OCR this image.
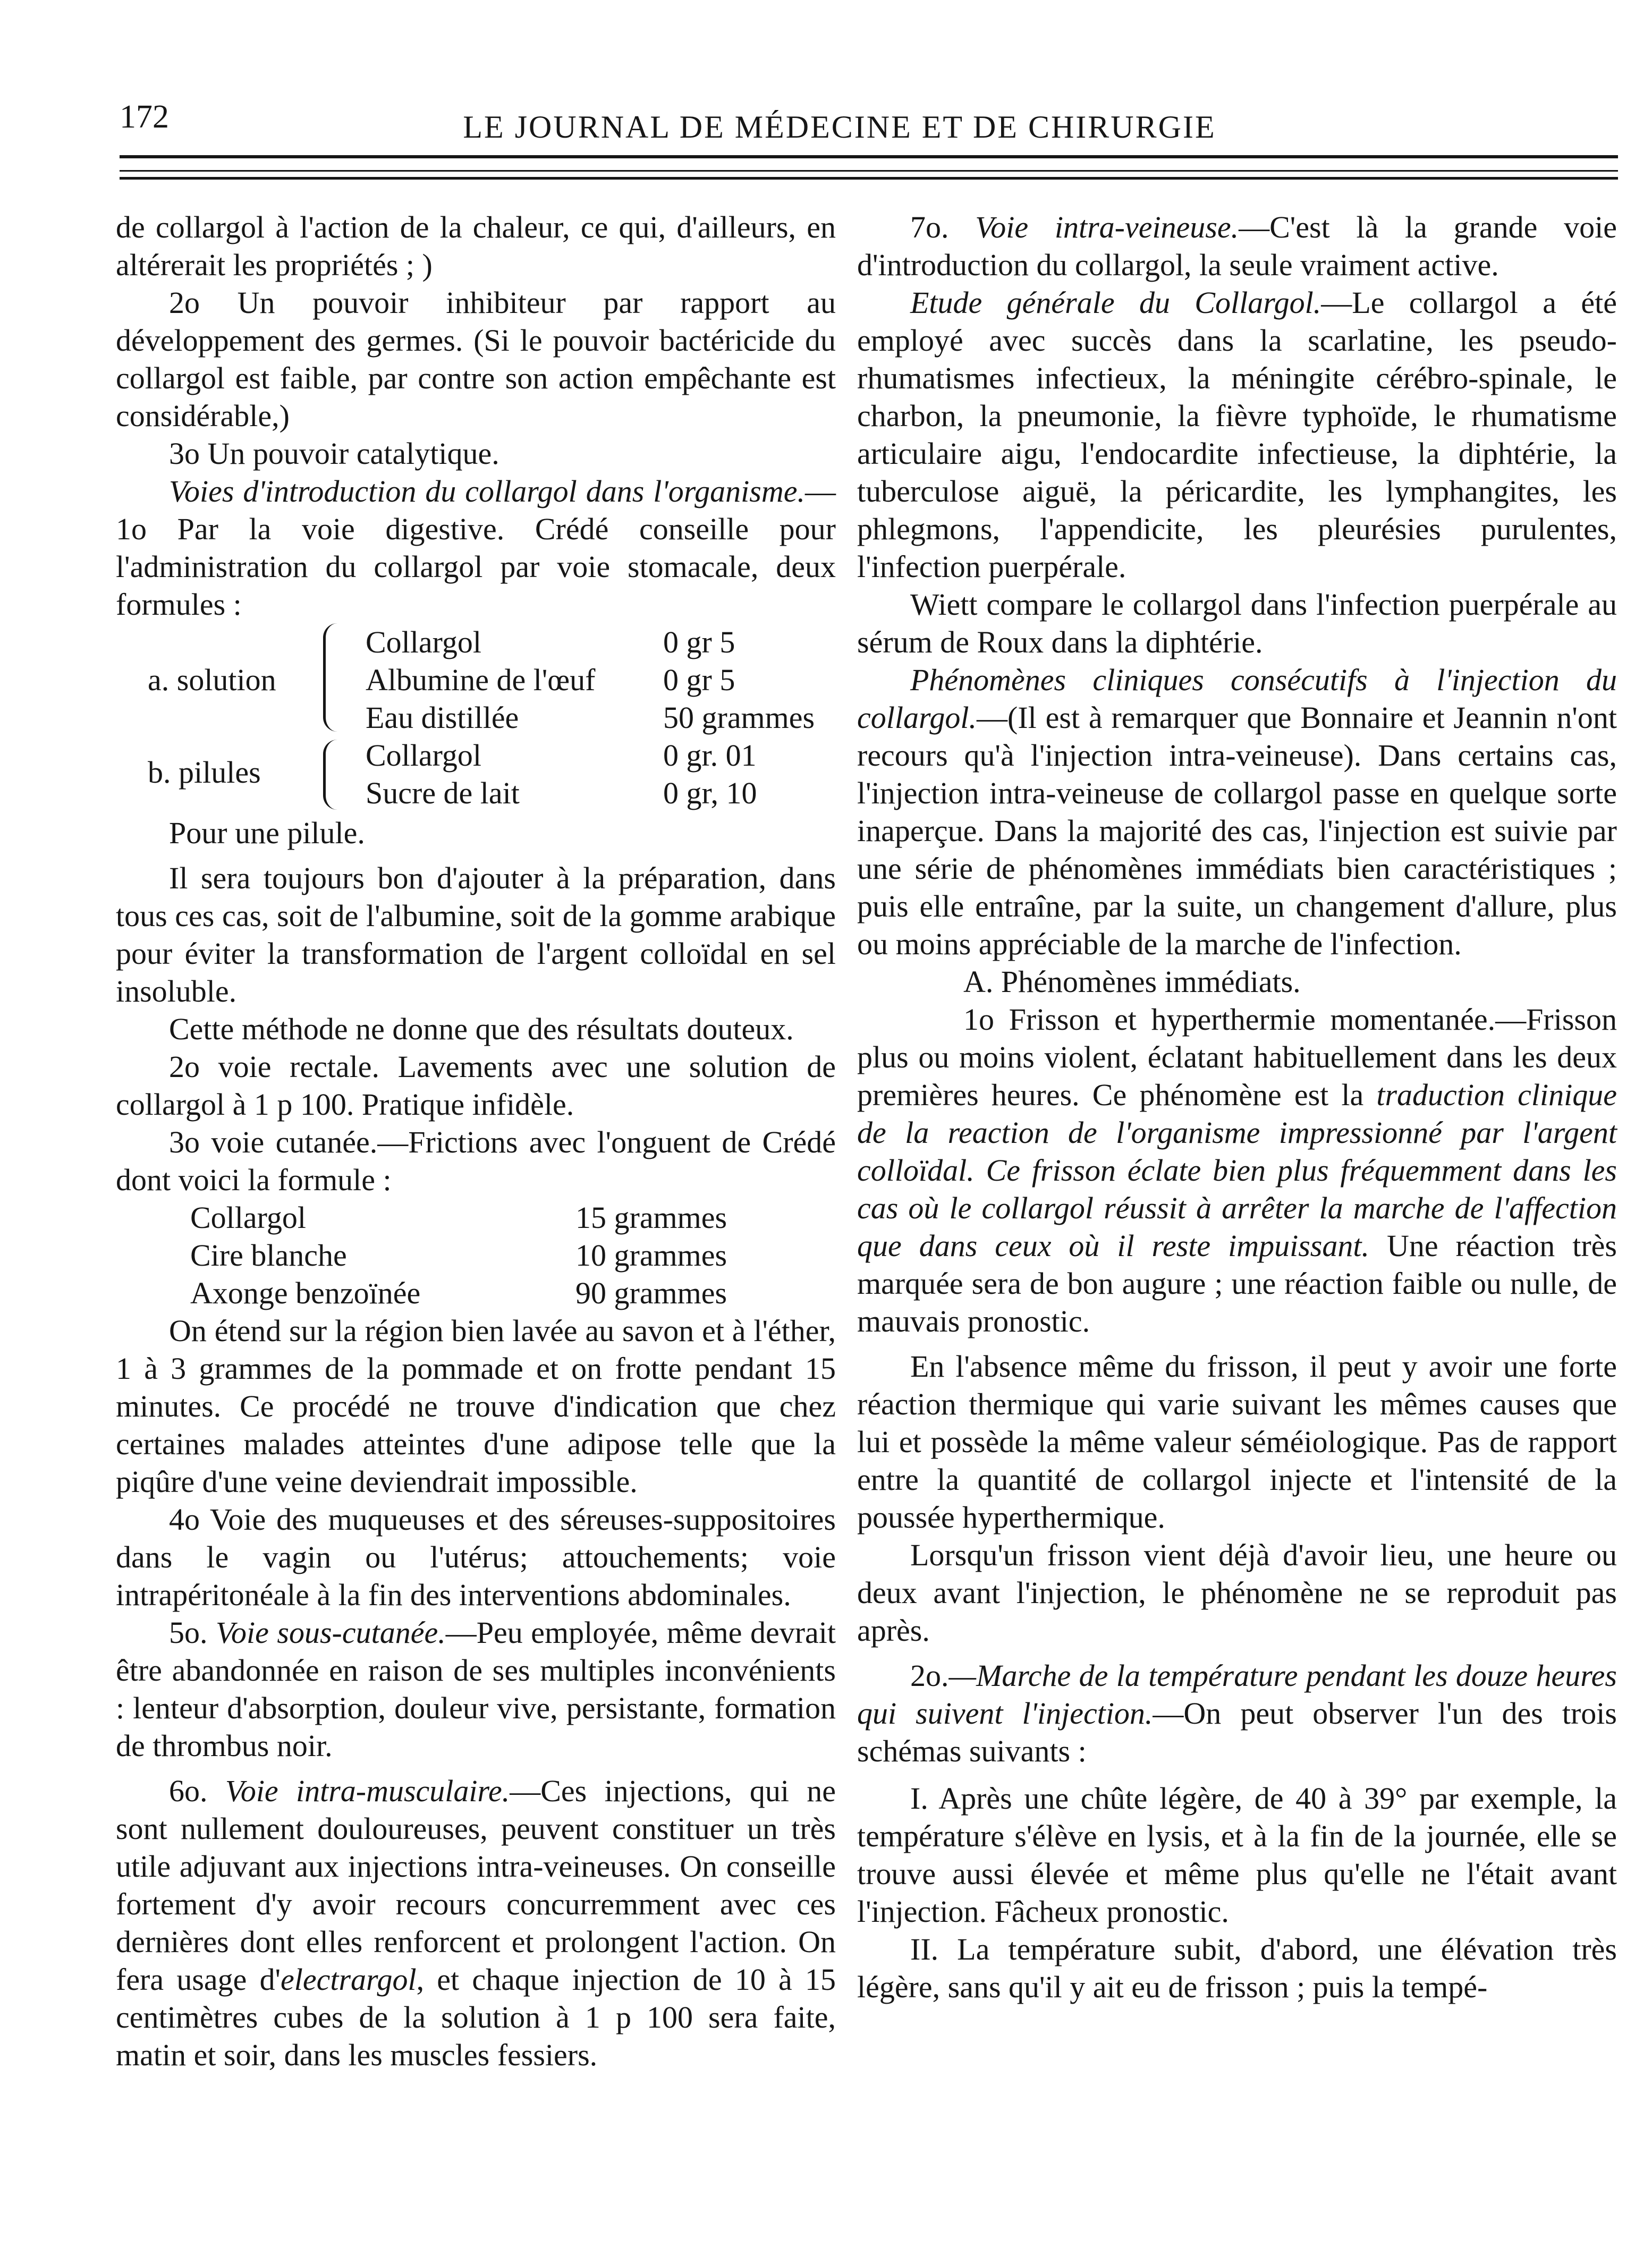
172	LE JOURNAL DE MÉDECINE ET DE CHIRURGIE

de collargol à l'action de la chaleur, ce qui, d'ailleurs, en altérerait les propriétés ; )

2o Un pouvoir inhibiteur par rapport au développement des germes. (Si le pouvoir bactéricide du collargol est faible, par contre son action empêchante est considérable,)

3o Un pouvoir catalytique.

Voies d'introduction du collargol dans l'organisme.—1o Par la voie digestive. Crédé conseille pour l'administration du collargol par voie stomacale, deux formules :

a. solution
Collargol	0 gr 5
Albumine de l'œuf 0 gr 5
Eau distillée	50 grammes
b. pilules	Collargol	0 gr. 01
Sucre de lait	0 gr, 10

Pour une pilule.

Il sera toujours bon d'ajouter à la préparation, dans tous ces cas, soit de l'albumine, soit de la gomme arabique pour éviter la transformation de l'argent colloïdal en sel insoluble.

Cette méthode ne donne que des résultats douteux.

2o voie rectale. Lavements avec une solution de collargol à 1 p 100. Pratique infidèle.

3o voie cutanée.—Frictions avec l'onguent de Crédé dont voici la formule :

Collargol	15 grammes
Cire blanche	10 grammes
Axonge benzoïnée	90 grammes

On étend sur la région bien lavée au savon et à l'éther, 1 à 3 grammes de la pommade et on frotte pendant 15 minutes. Ce procédé ne trouve d'indication que chez certaines malades atteintes d'une adipose telle que la piqûre d'une veine deviendrait impossible.

4o Voie des muqueuses et des séreuses-suppositoires dans le vagin ou l'utérus; attouchements; voie intrapéritonéale à la fin des interventions abdominales.

5o. Voie sous-cutanée.—Peu employée, même devrait être abandonnée en raison de ses multiples inconvénients : lenteur d'absorption, douleur vive, persistante, formation de thrombus noir.

6o. Voie intra-musculaire.—Ces injections, qui ne sont nullement douloureuses, peuvent constituer un très utile adjuvant aux injections intra-veineuses. On conseille fortement d'y avoir recours concurremment avec ces dernières dont elles renforcent et prolongent l'action. On fera usage d'electrargol, et chaque injection de 10 à 15 centimètres cubes de la solution à 1 p 100 sera faite, matin et soir, dans les muscles fessiers.

7o. Voie intra-veineuse.—C'est là la grande voie d'introduction du collargol, la seule vraiment active.

Etude générale du Collargol.—Le collargol a été employé avec succès dans la scarlatine, les pseudo-rhumatismes infectieux, la méningite cérébro-spinale, le charbon, la pneumonie, la fièvre typhoïde, le rhumatisme articulaire aigu, l'endocardite infectieuse, la diphtérie, la tuberculose aiguë, la péricardite, les lymphangites, les phlegmons, l'appendicite, les pleurésies purulentes, l'infection puerpérale.

Wiett compare le collargol dans l'infection puerpérale au sérum de Roux dans la diphtérie.

Phénomènes cliniques consécutifs à l'injection du collargol.—(Il est à remarquer que Bonnaire et Jeannin n'ont recours qu'à l'injection intra-veineuse). Dans certains cas, l'injection intra-veineuse de collargol passe en quelque sorte inaperçue. Dans la majorité des cas, l'injection est suivie par une série de phénomènes immédiats bien caractéristiques ; puis elle entraîne, par la suite, un changement d'allure, plus ou moins appréciable de la marche de l'infection.

A. Phénomènes immédiats.

1o Frisson et hyperthermie momentanée.—Frisson plus ou moins violent, éclatant habituellement dans les deux premières heures. Ce phénomène est la traduction clinique de la reaction de l'organisme impressionné par l'argent colloïdal. Ce frisson éclate bien plus fréquemment dans les cas où le collargol réussit à arrêter la marche de l'affection que dans ceux où il reste impuissant. Une réaction très marquée sera de bon augure ; une réaction faible ou nulle, de mauvais pronostic.

En l'absence même du frisson, il peut y avoir une forte réaction thermique qui varie suivant les mêmes causes que lui et possède la même valeur séméiologique. Pas de rapport entre la quantité de collargol injecte et l'intensité de la poussée hyperthermique.

Lorsqu'un frisson vient déjà d'avoir lieu, une heure ou deux avant l'injection, le phénomène ne se reproduit pas après.

2o.—Marche de la température pendant les douze heures qui suivent l'injection.—On peut observer l'un des trois schémas suivants :

I. Après une chûte légère, de 40 à 39° par exemple, la température s'élève en lysis, et à la fin de la journée, elle se trouve aussi élevée et même plus qu'elle ne l'était avant l'injection. Fâcheux pronostic.

II. La température subit, d'abord, une élévation très légère, sans qu'il y ait eu de frisson ; puis la tempé-
